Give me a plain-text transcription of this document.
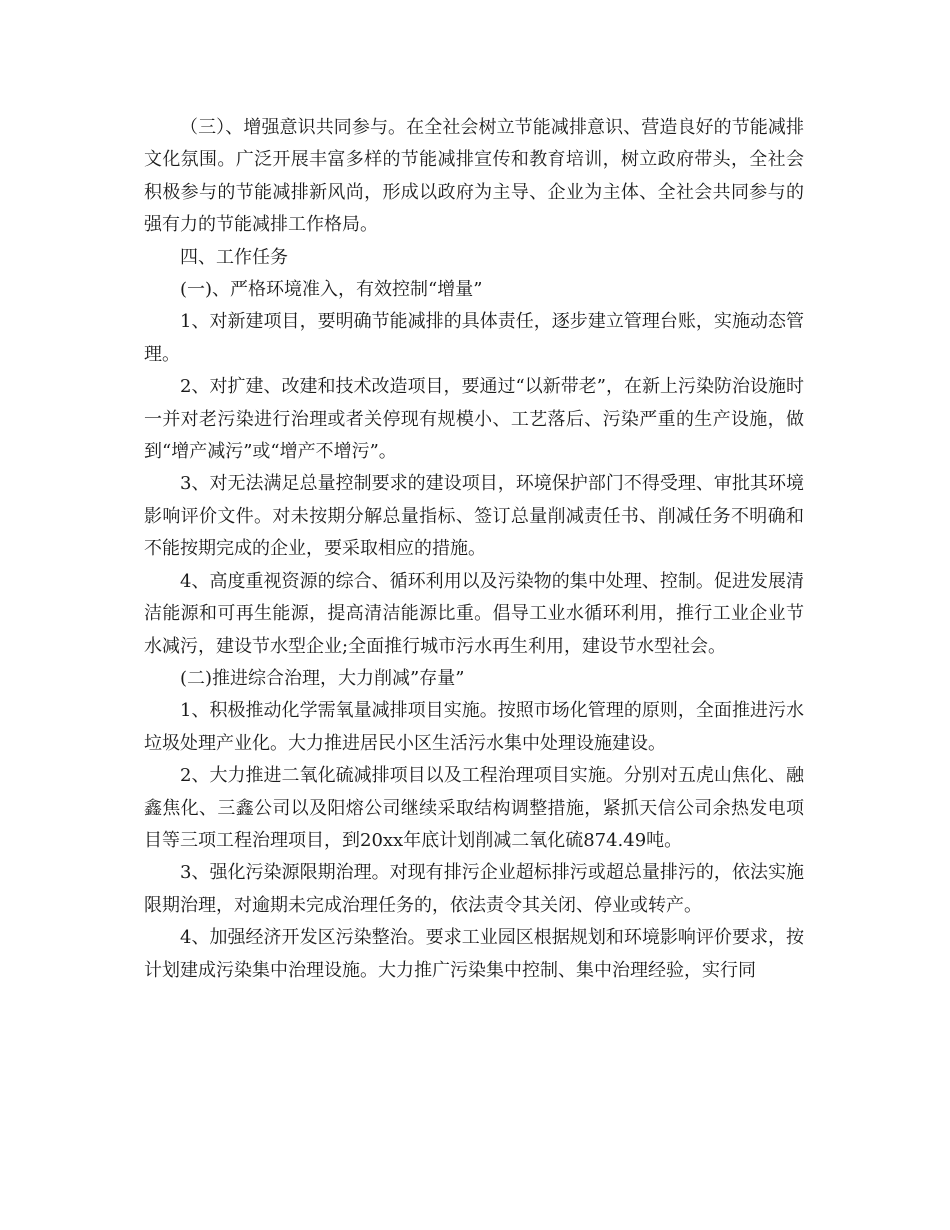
（三）、增强意识共同参与。在全社会树立节能减排意识、营造良好的节能减排文化氛围。广泛开展丰富多样的节能减排宣传和教育培训，树立政府带头，全社会积极参与的节能减排新风尚，形成以政府为主导、企业为主体、全社会共同参与的强有力的节能减排工作格局。

四、工作任务

(一)、严格环境准入，有效控制“增量”

1、对新建项目，要明确节能减排的具体责任，逐步建立管理台账，实施动态管理。

2、对扩建、改建和技术改造项目，要通过“以新带老”，在新上污染防治设施时一并对老污染进行治理或者关停现有规模小、工艺落后、污染严重的生产设施，做到“增产减污”或“增产不增污”。

3、对无法满足总量控制要求的建设项目，环境保护部门不得受理、审批其环境影响评价文件。对未按期分解总量指标、签订总量削减责任书、削减任务不明确和不能按期完成的企业，要采取相应的措施。

4、高度重视资源的综合、循环利用以及污染物的集中处理、控制。促进发展清洁能源和可再生能源，提高清洁能源比重。倡导工业水循环利用，推行工业企业节水减污，建设节水型企业;全面推行城市污水再生利用，建设节水型社会。

(二)推进综合治理，大力削减”存量”

1、积极推动化学需氧量减排项目实施。按照市场化管理的原则，全面推进污水垃圾处理产业化。大力推进居民小区生活污水集中处理设施建设。

2、大力推进二氧化硫减排项目以及工程治理项目实施。分别对五虎山焦化、融鑫焦化、三鑫公司以及阳熔公司继续采取结构调整措施，紧抓天信公司余热发电项目等三项工程治理项目，到20xx年底计划削减二氧化硫874.49吨。

3、强化污染源限期治理。对现有排污企业超标排污或超总量排污的，依法实施限期治理，对逾期未完成治理任务的，依法责令其关闭、停业或转产。

4、加强经济开发区污染整治。要求工业园区根据规划和环境影响评价要求，按计划建成污染集中治理设施。大力推广污染集中控制、集中治理经验，实行同
